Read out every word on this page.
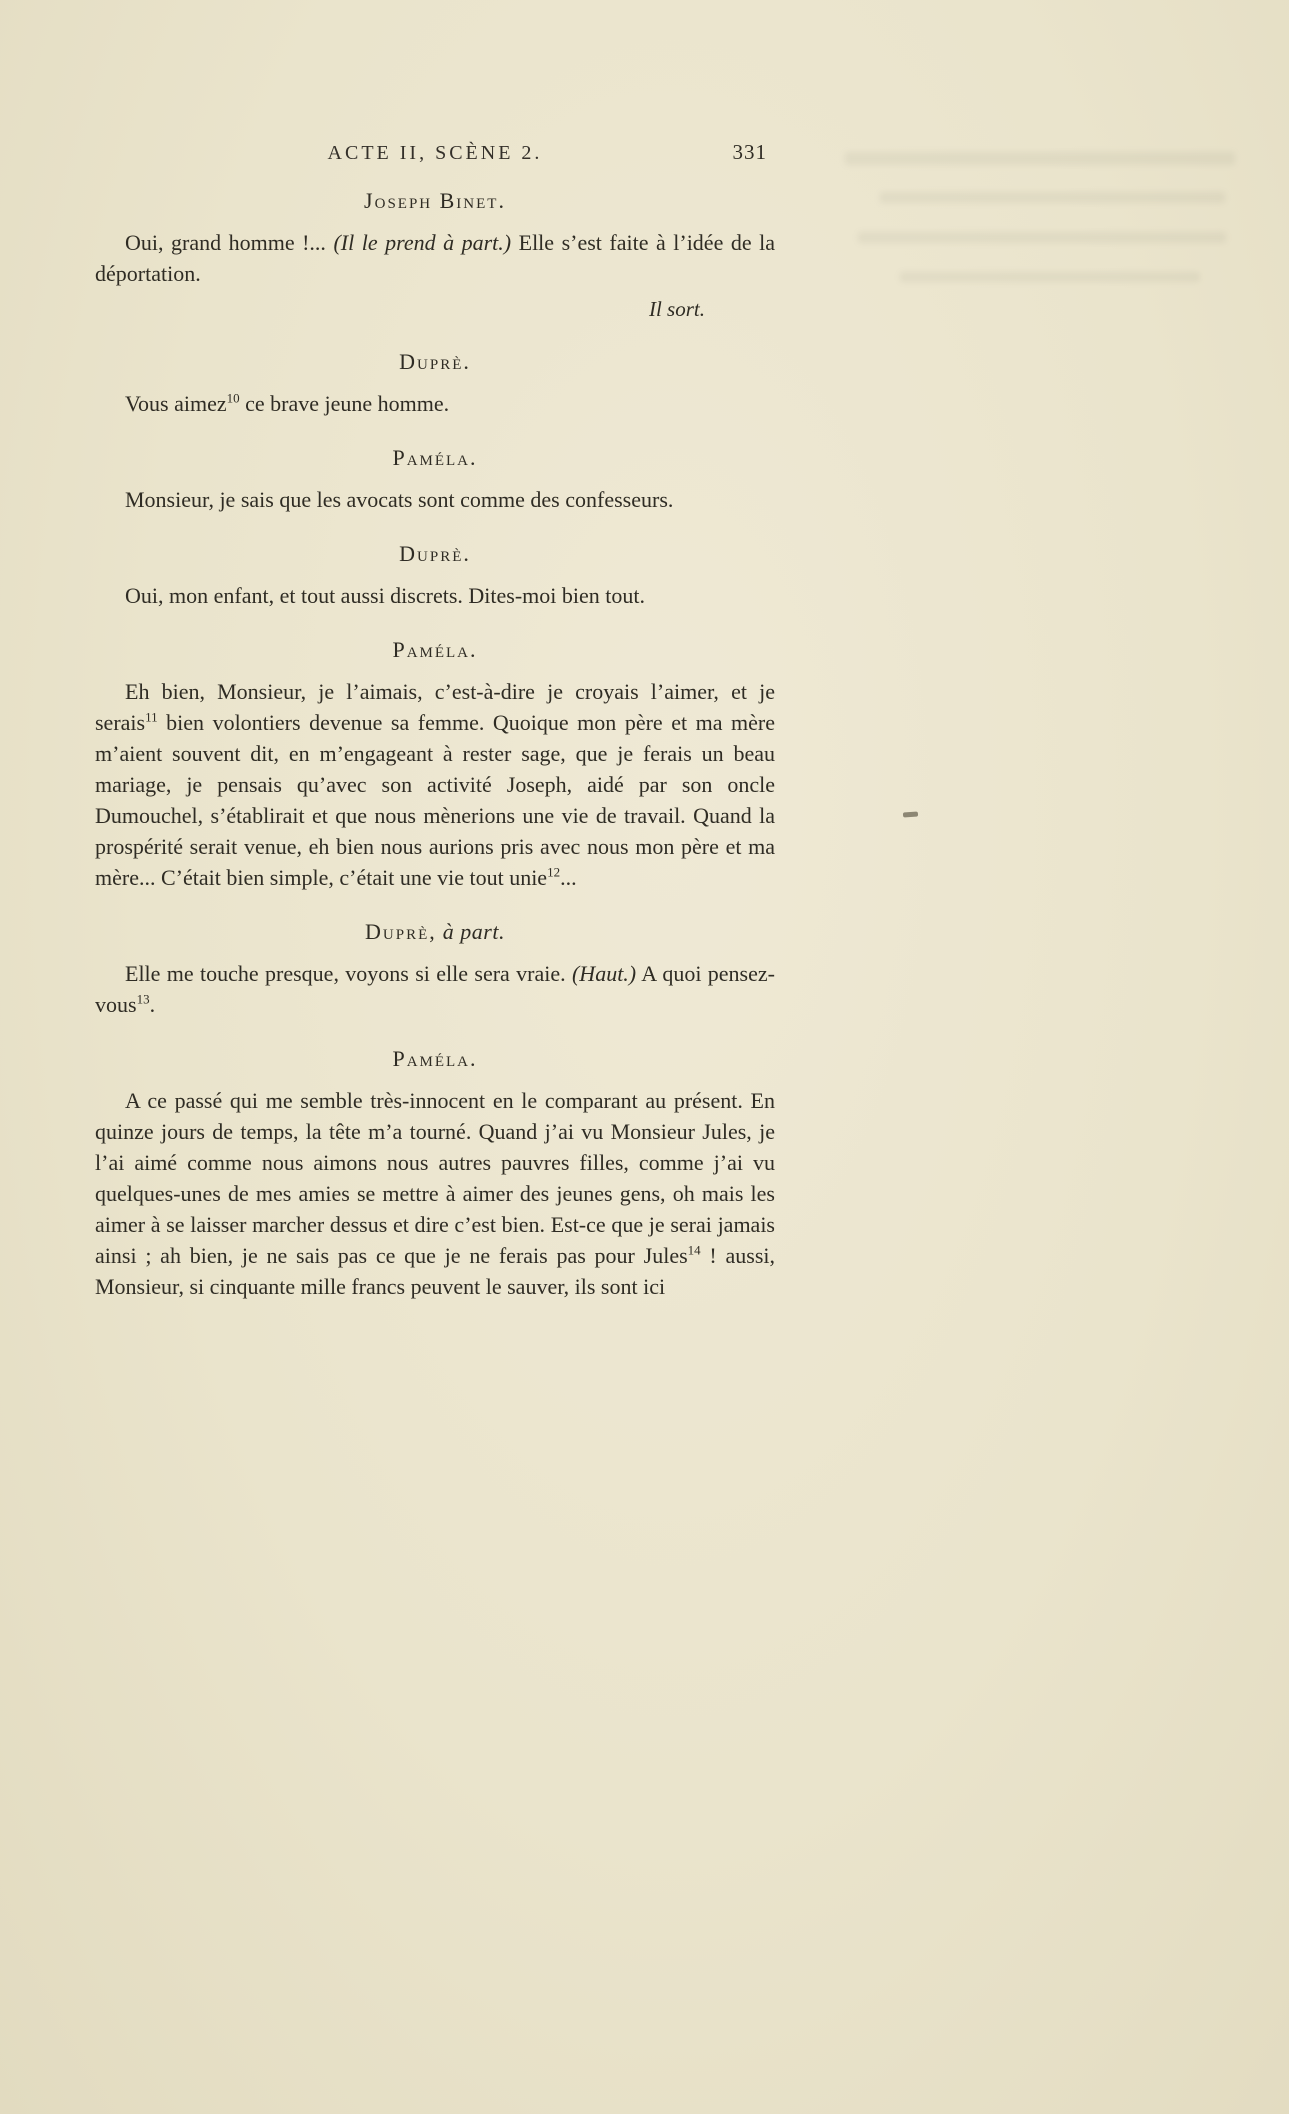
ACTE II, SCÈNE 2.	331
Joseph Binet.
Oui, grand homme !... (Il le prend à part.) Elle s’est faite à l’idée de la déportation.
Il sort.
Duprè.
Vous aimez$^{10}$ ce brave jeune homme.
Paméla.
Monsieur, je sais que les avocats sont comme des confesseurs.
Duprè.
Oui, mon enfant, et tout aussi discrets. Dites-moi bien tout.
Paméla.
Eh bien, Monsieur, je l’aimais, c’est-à-dire je croyais l’aimer, et je serais$^{11}$ bien volontiers devenue sa femme. Quoique mon père et ma mère m’aient souvent dit, en m’engageant à rester sage, que je ferais un beau mariage, je pensais qu’avec son activité Joseph, aidé par son oncle Dumouchel, s’établirait et que nous mènerions une vie de travail. Quand la prospérité serait venue, eh bien nous aurions pris avec nous mon père et ma mère... C’était bien simple, c’était une vie tout unie$^{12}$...
Duprè, à part.
Elle me touche presque, voyons si elle sera vraie. (Haut.) A quoi pensez-vous$^{13}$.
Paméla.
A ce passé qui me semble très-innocent en le comparant au présent. En quinze jours de temps, la tête m’a tourné. Quand j’ai vu Monsieur Jules, je l’ai aimé comme nous aimons nous autres pauvres filles, comme j’ai vu quelques-unes de mes amies se mettre à aimer des jeunes gens, oh mais les aimer à se laisser marcher dessus et dire c’est bien. Est-ce que je serai jamais ainsi ; ah bien, je ne sais pas ce que je ne ferais pas pour Jules$^{14}$ ! aussi, Monsieur, si cinquante mille francs peuvent le sauver, ils sont ici
